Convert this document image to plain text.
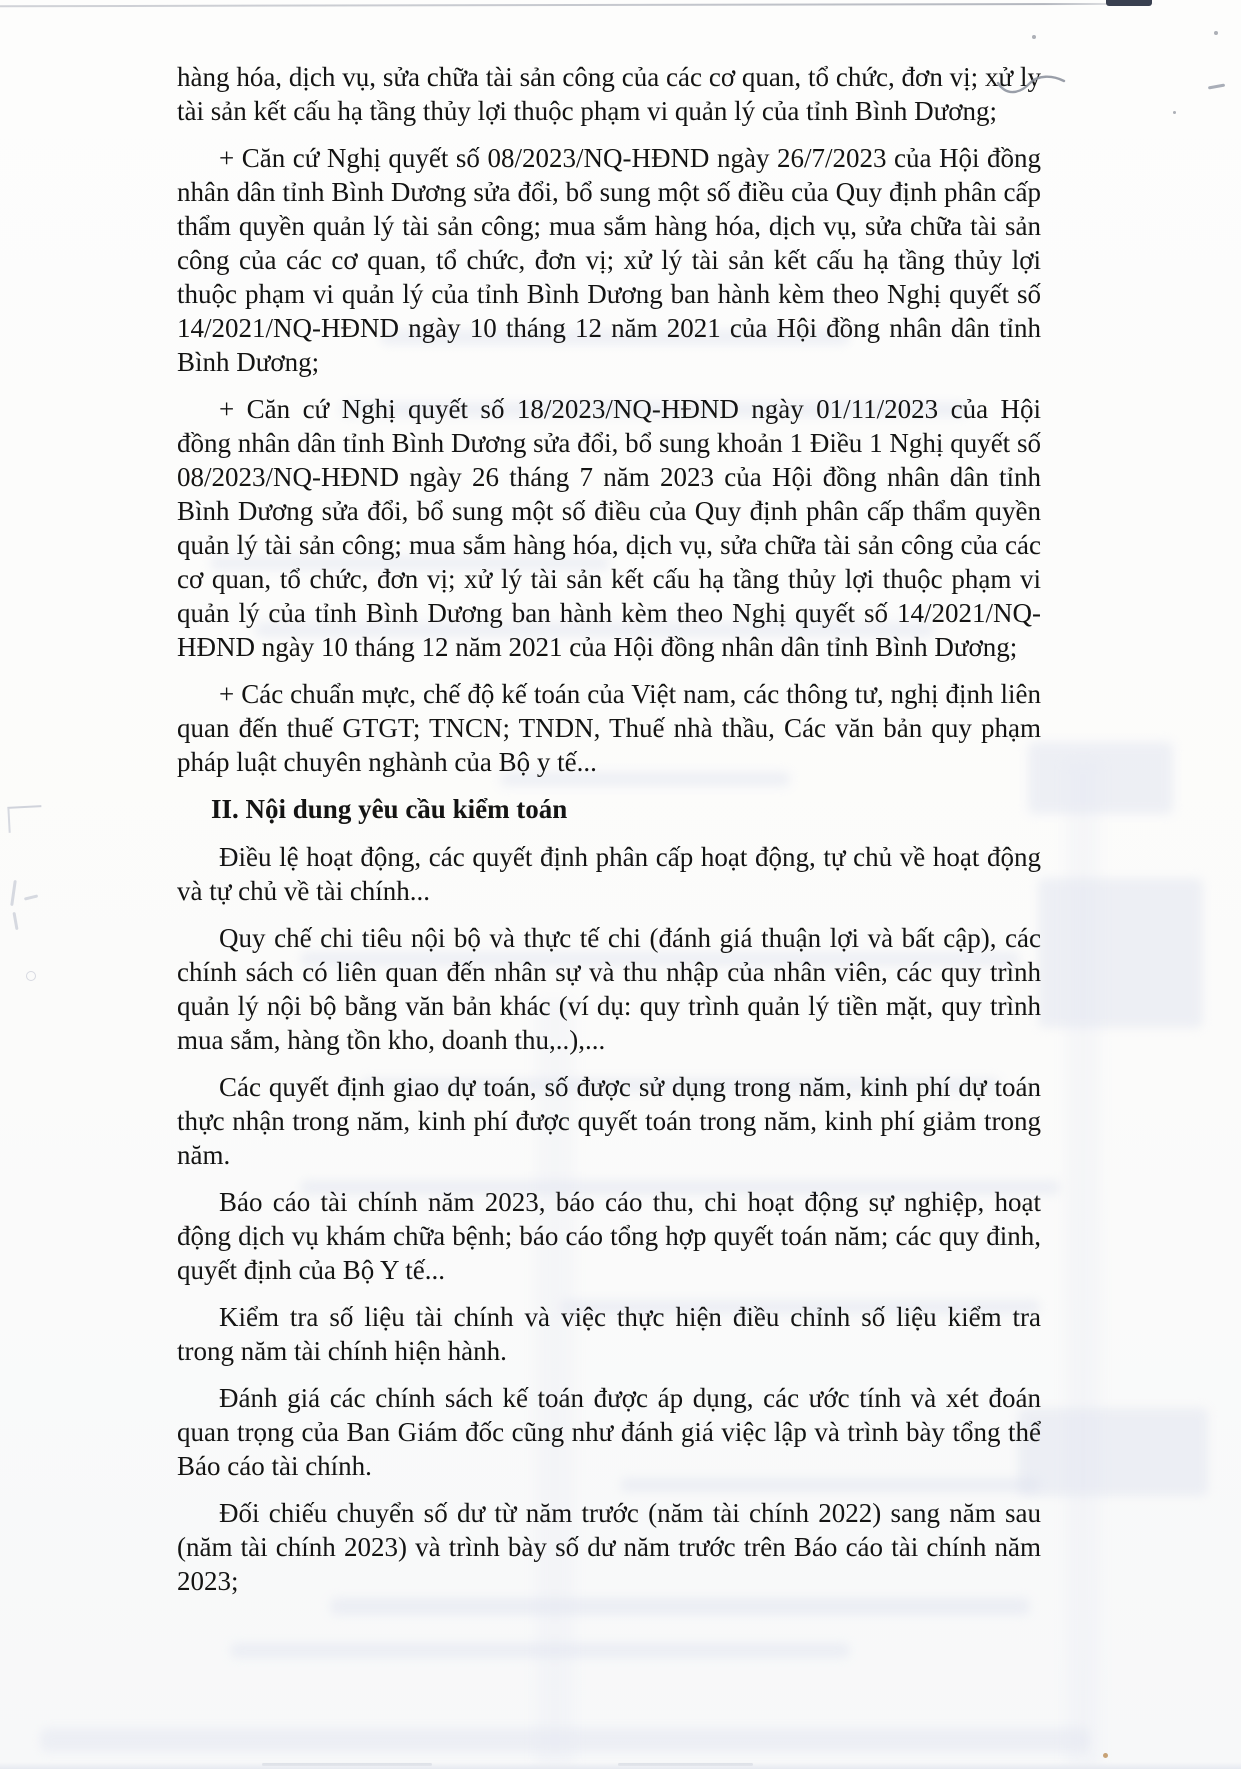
hàng hóa, dịch vụ, sửa chữa tài sản công của các cơ quan, tổ chức, đơn vị; xử ly tài sản kết cấu hạ tầng thủy lợi thuộc phạm vi quản lý của tỉnh Bình Dương;

+ Căn cứ Nghị quyết số 08/2023/NQ-HĐND ngày 26/7/2023 của Hội đồng nhân dân tỉnh Bình Dương sửa đổi, bổ sung một số điều của Quy định phân cấp thẩm quyền quản lý tài sản công; mua sắm hàng hóa, dịch vụ, sửa chữa tài sản công của các cơ quan, tổ chức, đơn vị; xử lý tài sản kết cấu hạ tầng thủy lợi thuộc phạm vi quản lý của tỉnh Bình Dương ban hành kèm theo Nghị quyết số 14/2021/NQ-HĐND ngày 10 tháng 12 năm 2021 của Hội đồng nhân dân tỉnh Bình Dương;

+ Căn cứ Nghị quyết số 18/2023/NQ-HĐND ngày 01/11/2023 của Hội đồng nhân dân tỉnh Bình Dương sửa đổi, bổ sung khoản 1 Điều 1 Nghị quyết số 08/2023/NQ-HĐND ngày 26 tháng 7 năm 2023 của Hội đồng nhân dân tỉnh Bình Dương sửa đổi, bổ sung một số điều của Quy định phân cấp thẩm quyền quản lý tài sản công; mua sắm hàng hóa, dịch vụ, sửa chữa tài sản công của các cơ quan, tổ chức, đơn vị; xử lý tài sản kết cấu hạ tầng thủy lợi thuộc phạm vi quản lý của tỉnh Bình Dương ban hành kèm theo Nghị quyết số 14/2021/NQ-HĐND ngày 10 tháng 12 năm 2021 của Hội đồng nhân dân tỉnh Bình Dương;

+ Các chuẩn mực, chế độ kế toán của Việt nam, các thông tư, nghị định liên quan đến thuế GTGT; TNCN; TNDN, Thuế nhà thầu, Các văn bản quy phạm pháp luật chuyên nghành của Bộ y tế...

II. Nội dung yêu cầu kiểm toán

Điều lệ hoạt động, các quyết định phân cấp hoạt động, tự chủ về hoạt động và tự chủ về tài chính...

Quy chế chi tiêu nội bộ và thực tế chi (đánh giá thuận lợi và bất cập), các chính sách có liên quan đến nhân sự và thu nhập của nhân viên, các quy trình quản lý nội bộ bằng văn bản khác (ví dụ: quy trình quản lý tiền mặt, quy trình mua sắm, hàng tồn kho, doanh thu,..),...

Các quyết định giao dự toán, số được sử dụng trong năm, kinh phí dự toán thực nhận trong năm, kinh phí được quyết toán trong năm, kinh phí giảm trong năm.

Báo cáo tài chính năm 2023, báo cáo thu, chi hoạt động sự nghiệp, hoạt động dịch vụ khám chữa bệnh; báo cáo tổng hợp quyết toán năm; các quy đinh, quyết định của Bộ Y tế...

Kiểm tra số liệu tài chính và việc thực hiện điều chỉnh số liệu kiểm tra trong năm tài chính hiện hành.

Đánh giá các chính sách kế toán được áp dụng, các ước tính và xét đoán quan trọng của Ban Giám đốc cũng như đánh giá việc lập và trình bày tổng thể Báo cáo tài chính.

Đối chiếu chuyển số dư từ năm trước (năm tài chính 2022) sang năm sau (năm tài chính 2023) và trình bày số dư năm trước trên Báo cáo tài chính năm 2023;
